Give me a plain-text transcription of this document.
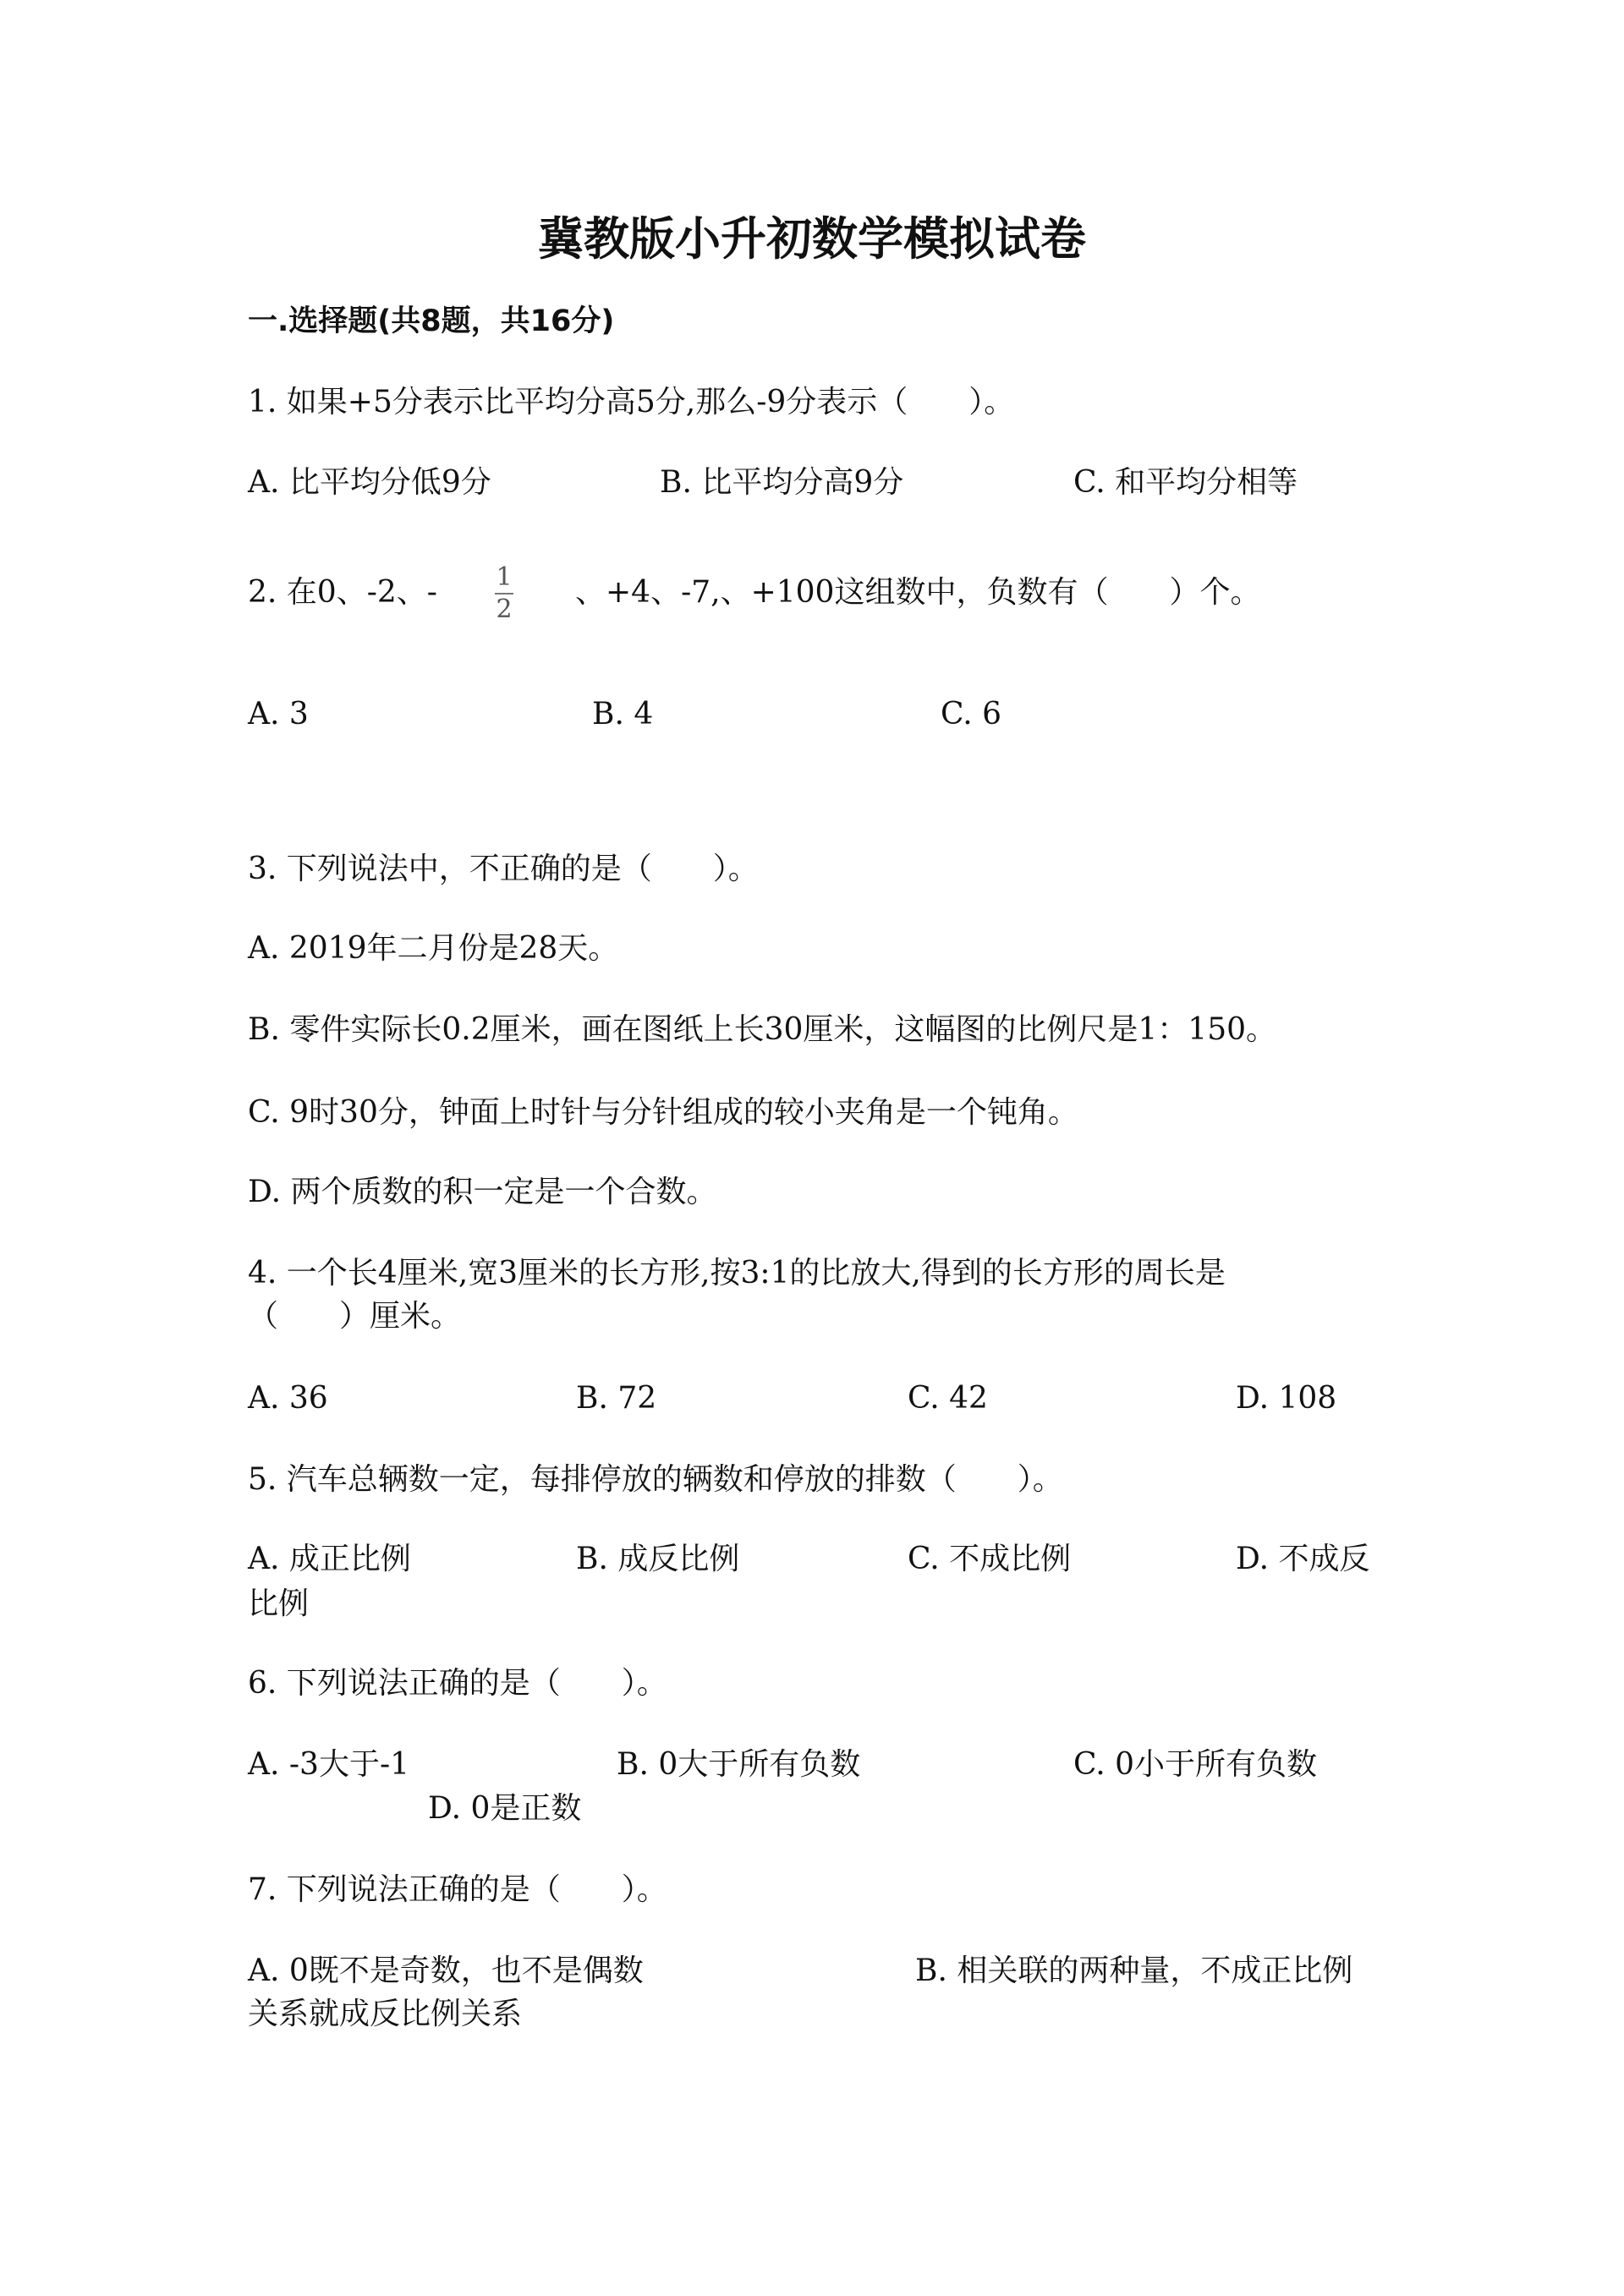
冀教版小升初数学模拟试卷
一.选择题(共8题，共16分)
1. 如果+5分表示比平均分高5分,那么-9分表示（　　）。
A. 比平均分低9分	B. 比平均分高9分	C. 和平均分相等
2. 在0、-2、- 1
2 、+4、-7,、+100这组数中，负数有（　　）个。
A. 3	B. 4	C. 6
3. 下列说法中，不正确的是（　　）。
A. 2019年二月份是28天。
B. 零件实际长0.2厘米，画在图纸上长30厘米，这幅图的比例尺是1：150。
C. 9时30分，钟面上时针与分针组成的较小夹角是一个钝角。
D. 两个质数的积一定是一个合数。
4. 一个长4厘米,宽3厘米的长方形,按3:1的比放大,得到的长方形的周长是
（　　）厘米。
A. 36	B. 72	C. 42	D. 108
5. 汽车总辆数一定，每排停放的辆数和停放的排数（　　）。
A. 成正比例	B. 成反比例	C. 不成比例	D. 不成反
比例
6. 下列说法正确的是（　　）。
A. -3大于-1	B. 0大于所有负数	C. 0小于所有负数
D. 0是正数
7. 下列说法正确的是（　　）。
A. 0既不是奇数，也不是偶数	B. 相关联的两种量，不成正比例
关系就成反比例关系
